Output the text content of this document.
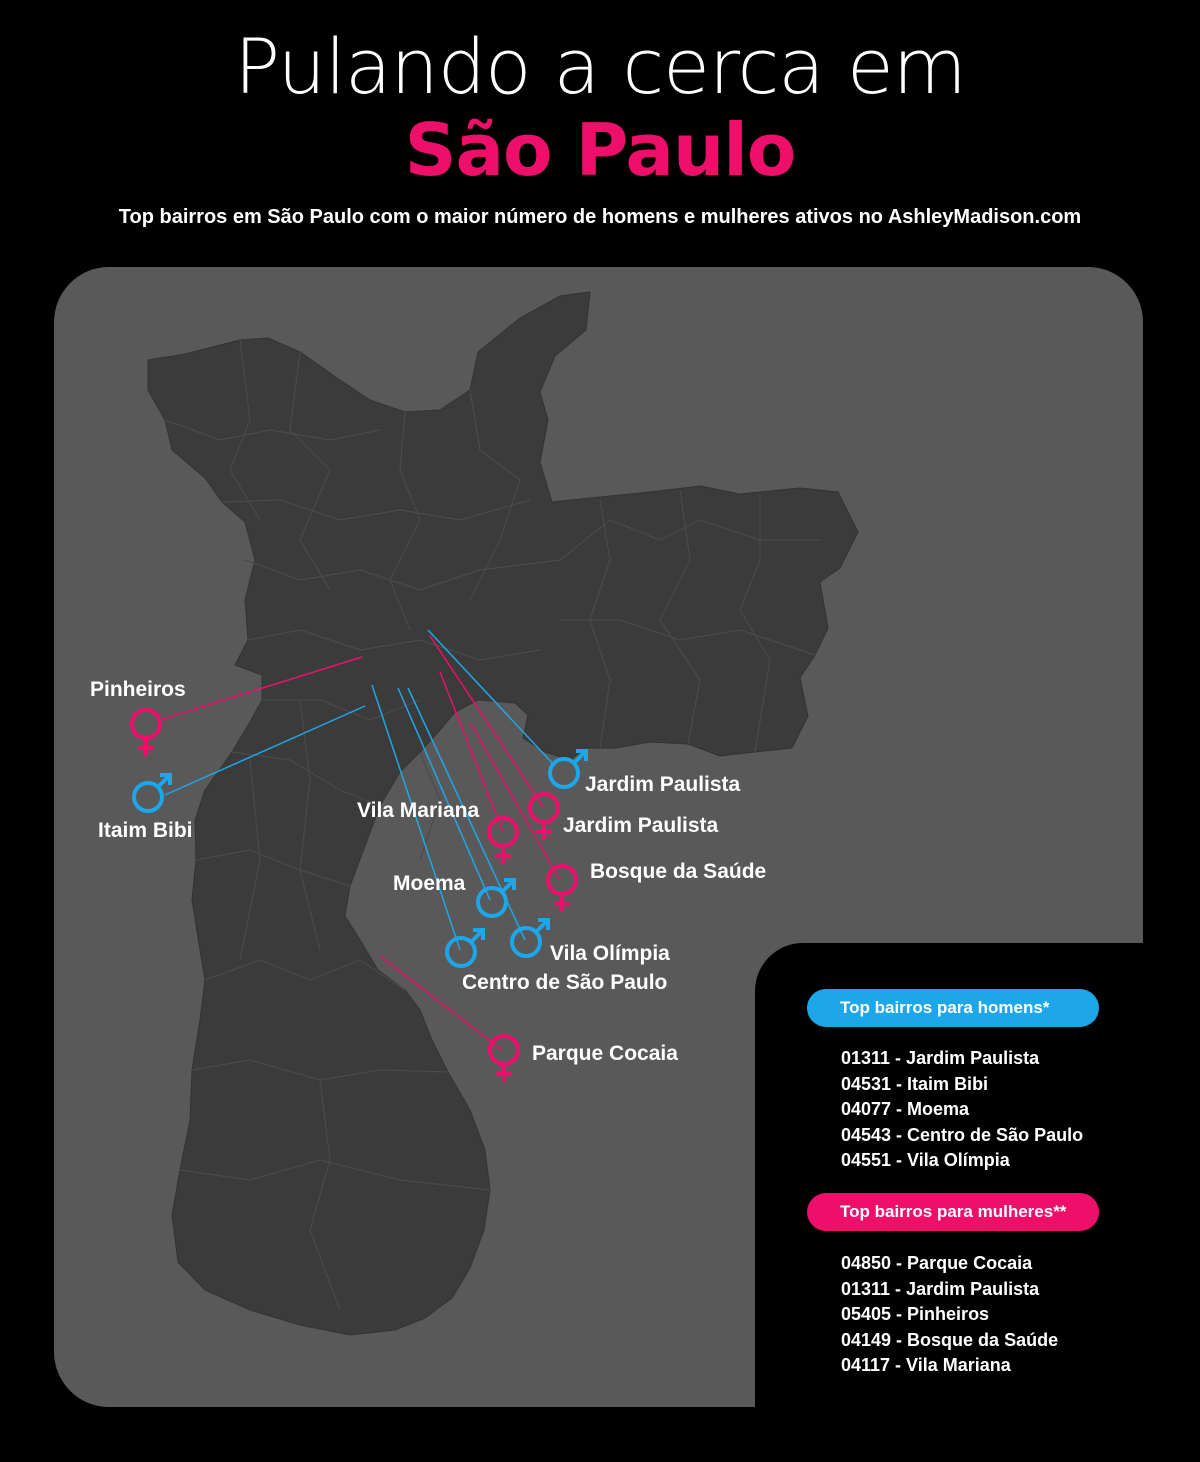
Pulando a cerca em
São Paulo
Top bairros em São Paulo com o maior número de homens e mulheres ativos no AshleyMadison.com
Pinheiros
Itaim Bibi
Jardim Paulista
Jardim Paulista
Vila Mariana
Bosque da Saúde
Moema
Vila Olímpia
Centro de São Paulo
Parque Cocaia
Top bairros para homens*
01311 - Jardim Paulista
04531 - Itaim Bibi
04077 - Moema
04543 - Centro de São Paulo
04551 - Vila Olímpia
Top bairros para mulheres**
04850 - Parque Cocaia
01311 - Jardim Paulista
05405 - Pinheiros
04149 - Bosque da Saúde
04117 - Vila Mariana
